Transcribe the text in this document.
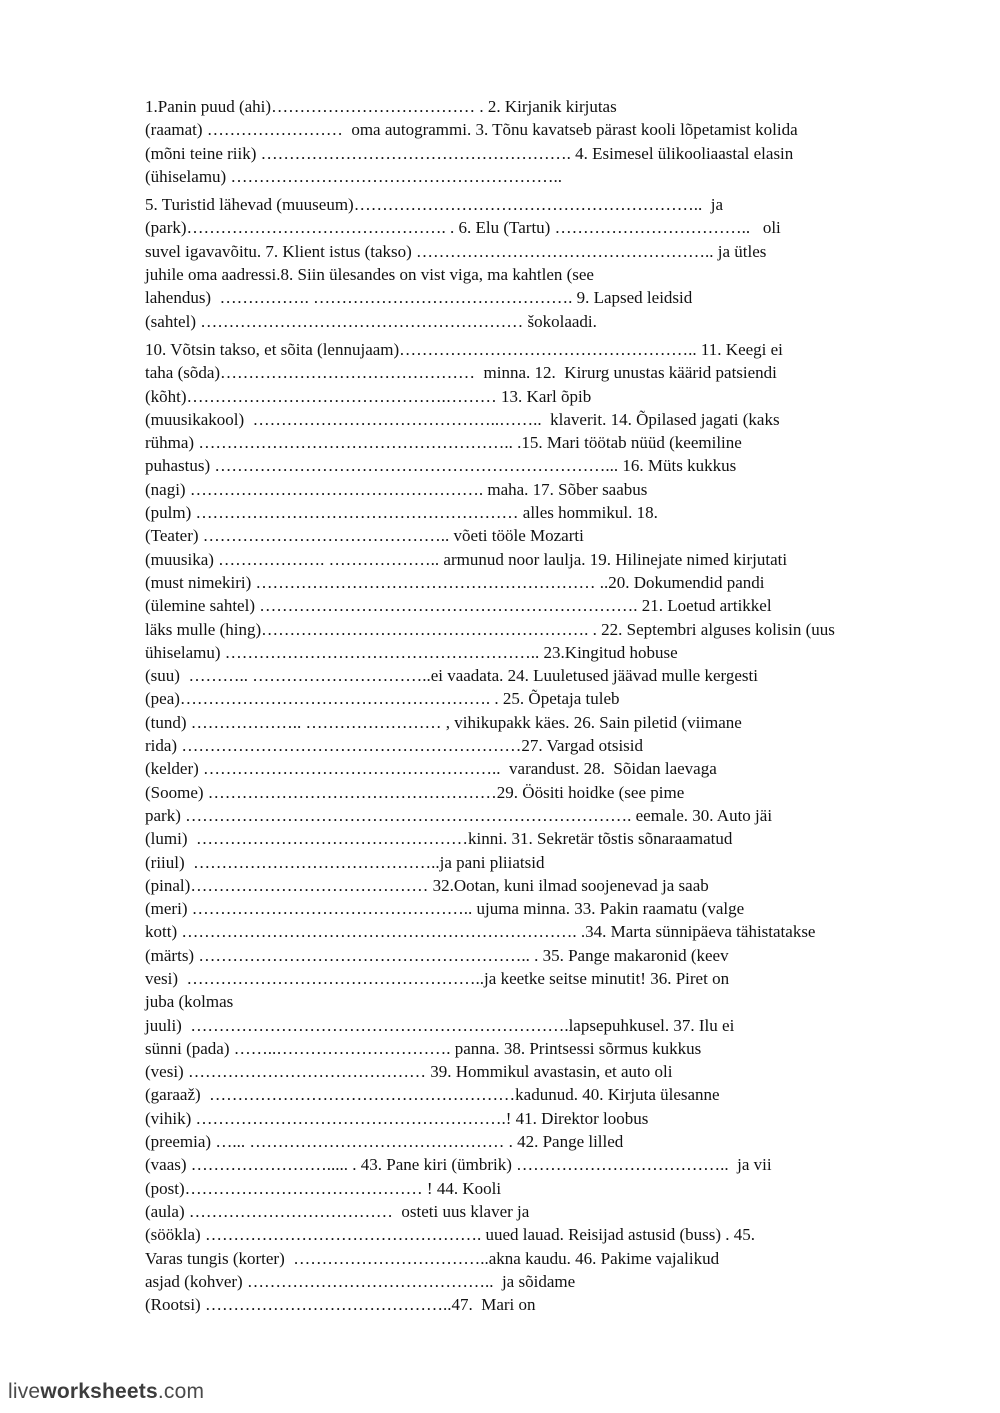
1.Panin puud (ahi)……………………………… . 2. Kirjanik kirjutas
(raamat) ……………………  oma autogrammi. 3. Tõnu kavatseb pärast kooli lõpetamist kolida
(mõni teine riik) ………………………………………………. 4. Esimesel ülikooliaastal elasin
(ühiselamu) …………………………………………………..
5. Turistid lähevad (muuseum)……………………………………………………..  ja
(park)………………………………………. . 6. Elu (Tartu) ……………………………..   oli
suvel igavavõitu. 7. Klient istus (takso) …………………………………………….. ja ütles
juhile oma aadressi.8. Siin ülesandes on vist viga, ma kahtlen (see
lahendus)  ……………. ………………………………………. 9. Lapsed leidsid
(sahtel) ………………………………………………… šokolaadi.
10. Võtsin takso, et sõita (lennujaam)…………………………………………….. 11. Keegi ei
taha (sõda)………………………………………  minna. 12.  Kirurg unustas käärid patsiendi
(kõht)……………………………………….……… 13. Karl õpib
(muusikakool)  ……………………………………..……..  klaverit. 14. Õpilased jagati (kaks
rühma) ……………………………………………….. .15. Mari töötab nüüd (keemiline
puhastus) ……………………………………………………………... 16. Müts kukkus
(nagi) ……………………………………………. maha. 17. Sõber saabus
(pulm) ………………………………………………… alles hommikul. 18.
(Teater) …………………………………….. võeti tööle Mozarti
(muusika) ………………. ……………….. armunud noor laulja. 19. Hilinejate nimed kirjutati
(must nimekiri) …………………………………………………… ..20. Dokumendid pandi
(ülemine sahtel) …………………………………………………………. 21. Loetud artikkel
läks mulle (hing)…………………………………………………. . 22. Septembri alguses kolisin (uus
ühiselamu) ……………………………………………….. 23.Kingitud hobuse
(suu)  ……….. …………………………..ei vaadata. 24. Luuletused jäävad mulle kergesti
(pea)………………………………………………. . 25. Õpetaja tuleb
(tund) ……………….. …………………… , vihikupakk käes. 26. Sain piletid (viimane
rida) ……………………………………………………27. Vargad otsisid
(kelder) ……………………………………………..  varandust. 28.  Sõidan laevaga
(Soome) ……………………………………………29. Öösiti hoidke (see pime
park) ……………………………………………………………………. eemale. 30. Auto jäi
(lumi)  …………………………………………kinni. 31. Sekretär tõstis sõnaraamatud
(riiul)  ……………………………………..ja pani pliiatsid
(pinal)…………………………………… 32.Ootan, kuni ilmad soojenevad ja saab
(meri) ………………………………………….. ujuma minna. 33. Pakin raamatu (valge
kott) ……………………………………………………………. .34. Marta sünnipäeva tähistatakse
(märts) ………………………………………………….. . 35. Pange makaronid (keev
vesi)  ……………………………………………..ja keetke seitse minutit! 36. Piret on
juba (kolmas
juuli)  ………………………………………………………….lapsepuhkusel. 37. Ilu ei
sünni (pada) ……..…………………………. panna. 38. Printsessi sõrmus kukkus
(vesi) …………………………………… 39. Hommikul avastasin, et auto oli
(garaaž)  ………………………………………………kadunud. 40. Kirjuta ülesanne
(vihik) ……………………………………………….! 41. Direktor loobus
(preemia) …... ……………………………………… . 42. Pange lilled
(vaas) ……………………..... . 43. Pane kiri (ümbrik) ………………………………..  ja vii
(post)…………………………………… ! 44. Kooli
(aula) ………………………………  osteti uus klaver ja
(söökla) …………………………………………. uued lauad. Reisijad astusid (buss) . 45.
Varas tungis (korter)  ……………………………..akna kaudu. 46. Pakime vajalikud
asjad (kohver) ……………………………………..  ja sõidame
(Rootsi) ……………………………………..47.  Mari on
liveworksheets.com
